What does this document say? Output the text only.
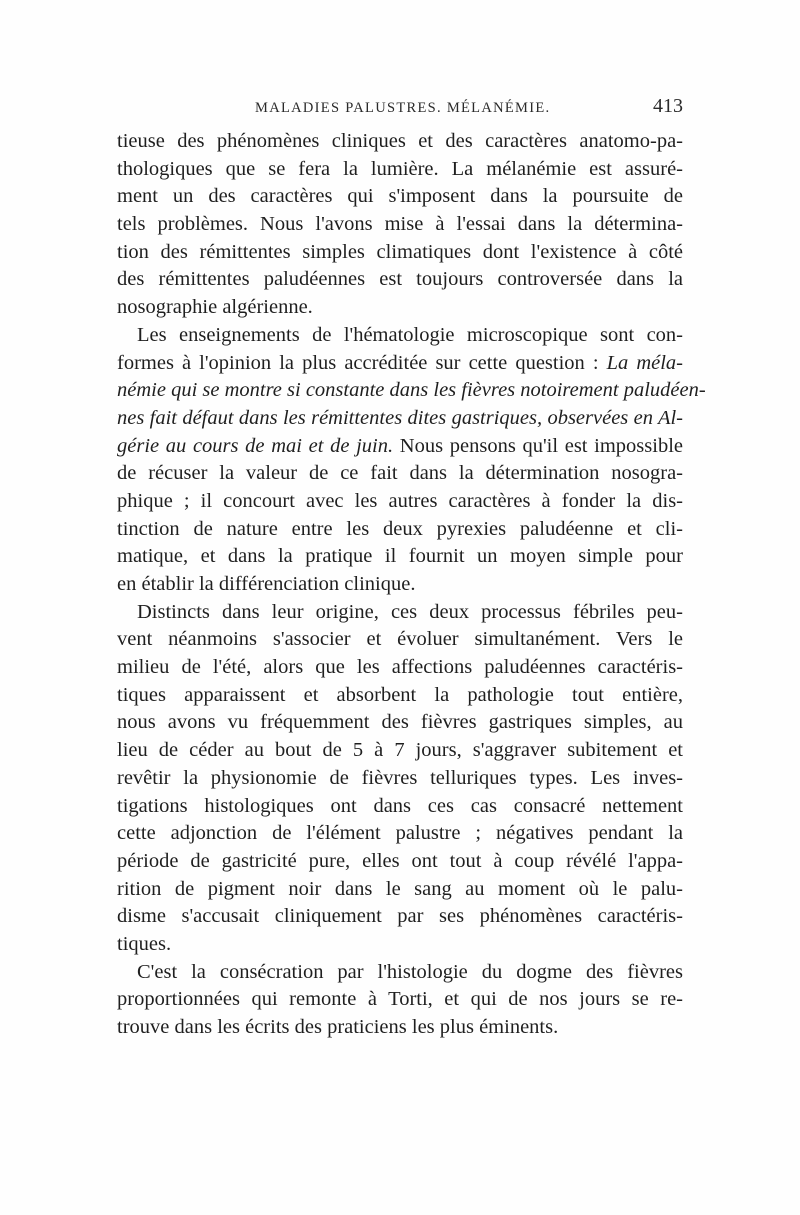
MALADIES PALUSTRES. MÉLANÉMIE.	413
tieuse des phénomènes cliniques et des caractères anatomo-pa-
thologiques que se fera la lumière. La mélanémie est assuré-
ment un des caractères qui s'imposent dans la poursuite de
tels problèmes. Nous l'avons mise à l'essai dans la détermina-
tion des rémittentes simples climatiques dont l'existence à côté
des rémittentes paludéennes est toujours controversée dans la
nosographie algérienne.
Les enseignements de l'hématologie microscopique sont con-
formes à l'opinion la plus accréditée sur cette question : La méla-
némie qui se montre si constante dans les fièvres notoirement paludéen-
nes fait défaut dans les rémittentes dites gastriques, observées en Al-
gérie au cours de mai et de juin. Nous pensons qu'il est impossible
de récuser la valeur de ce fait dans la détermination nosogra-
phique ; il concourt avec les autres caractères à fonder la dis-
tinction de nature entre les deux pyrexies paludéenne et cli-
matique, et dans la pratique il fournit un moyen simple pour
en établir la différenciation clinique.
Distincts dans leur origine, ces deux processus fébriles peu-
vent néanmoins s'associer et évoluer simultanément. Vers le
milieu de l'été, alors que les affections paludéennes caractéris-
tiques apparaissent et absorbent la pathologie tout entière,
nous avons vu fréquemment des fièvres gastriques simples, au
lieu de céder au bout de 5 à 7 jours, s'aggraver subitement et
revêtir la physionomie de fièvres telluriques types. Les inves-
tigations histologiques ont dans ces cas consacré nettement
cette adjonction de l'élément palustre ; négatives pendant la
période de gastricité pure, elles ont tout à coup révélé l'appa-
rition de pigment noir dans le sang au moment où le palu-
disme s'accusait cliniquement par ses phénomènes caractéris-
tiques.
C'est la consécration par l'histologie du dogme des fièvres
proportionnées qui remonte à Torti, et qui de nos jours se re-
trouve dans les écrits des praticiens les plus éminents.
